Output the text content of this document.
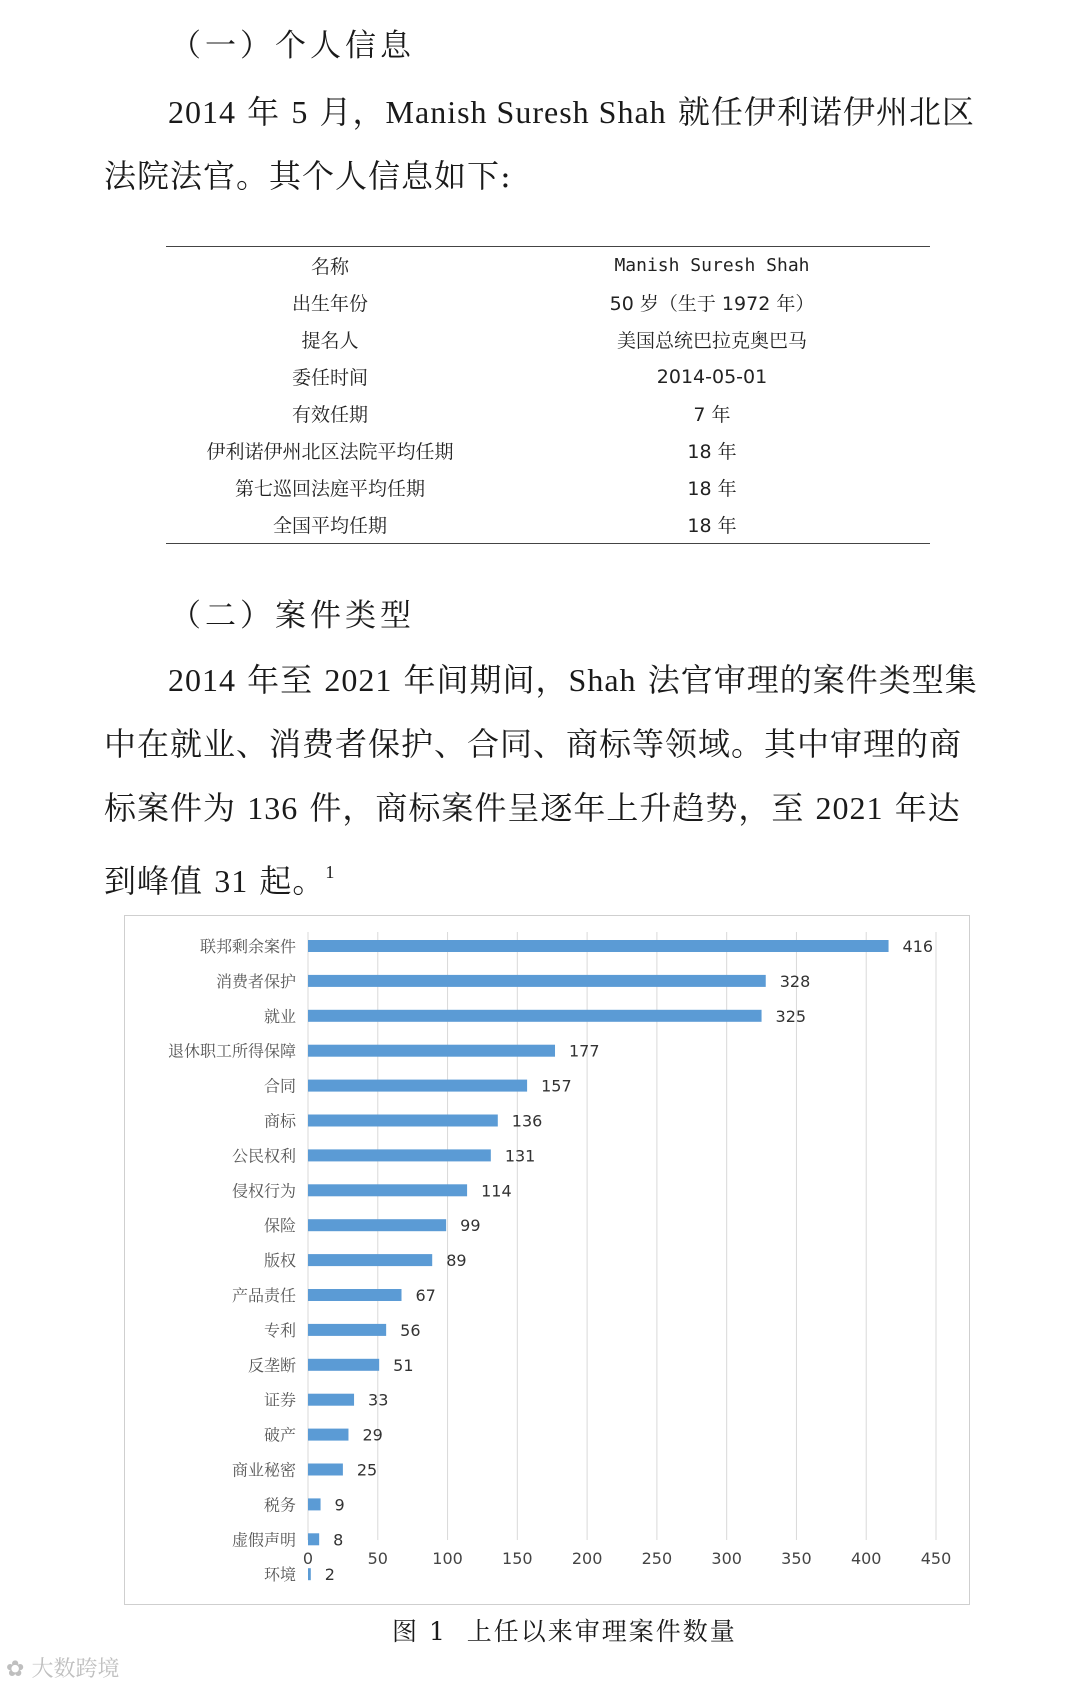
（一）个人信息
2014 年 5 月，Manish Suresh Shah 就任伊利诺伊州北区
法院法官。其个人信息如下:
名称	Manish Suresh Shah
出生年份	50 岁（生于 1972 年）
提名人	美国总统巴拉克奥巴马
委任时间	2014-05-01
有效任期	7 年
伊利诺伊州北区法院平均任期	18 年
第七巡回法庭平均任期	18 年
全国平均任期	18 年
（二）案件类型
2014 年至 2021 年间期间，Shah 法官审理的案件类型集
中在就业、消费者保护、合同、商标等领域。其中审理的商
标案件为 136 件，商标案件呈逐年上升趋势，至 2021 年达
到峰值 31 起。$^1$
0	50	100 150 200 250 300 350 400 450
联邦剩余案件	416
消费者保护	328
就业	325
退休职工所得保障	177
合同	157
商标	136
公民权利	131
侵权行为	114
保险	99
版权	89
产品责任	67
专利	56
反垄断	51
证券	33
破产	29
商业秘密	25
税务 9
虚假声明 8
环境 2
图 1 上任以来审理案件数量
✿ 大数跨境
